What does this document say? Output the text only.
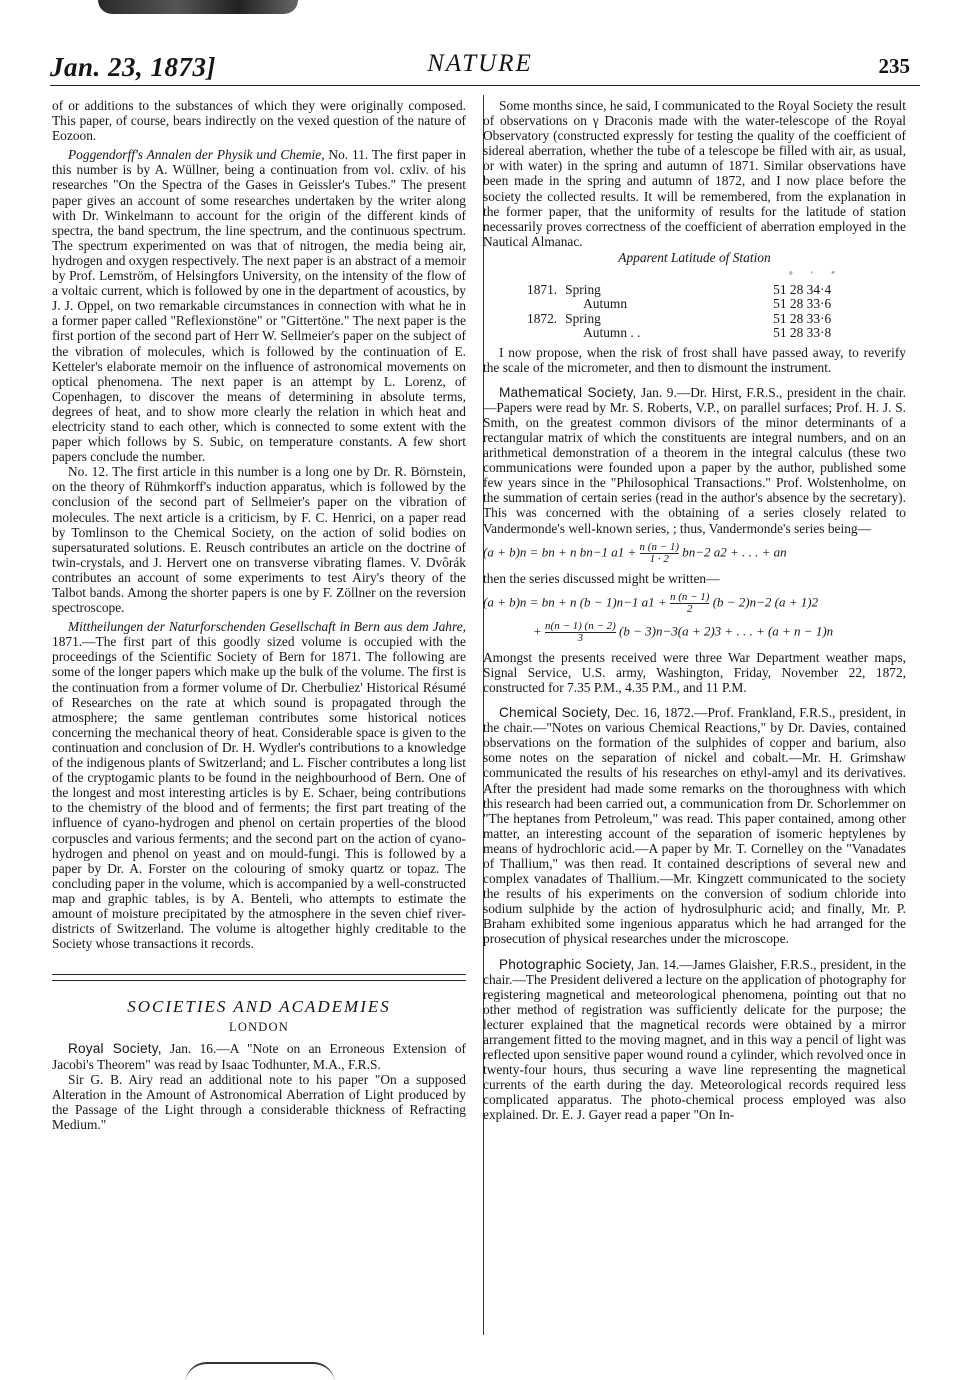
Jan. 23, 1873]	NATURE	235

of or additions to the substances of which they were originally composed. This paper, of course, bears indirectly on the vexed question of the nature of Eozoon.

Poggendorff's Annalen der Physik und Chemie, No. 11. The first paper in this number is by A. Wüllner, being a continuation from vol. cxliv. of his researches "On the Spectra of the Gases in Geissler's Tubes." The present paper gives an account of some researches undertaken by the writer along with Dr. Winkelmann to account for the origin of the different kinds of spectra, the band spectrum, the line spectrum, and the continuous spectrum. The spectrum experimented on was that of nitrogen, the media being air, hydrogen and oxygen respectively. The next paper is an abstract of a memoir by Prof. Lemström, of Helsingfors University, on the intensity of the flow of a voltaic current, which is followed by one in the department of acoustics, by J. J. Oppel, on two remarkable circumstances in connection with what he in a former paper called "Reflexionstöne" or "Gittertöne." The next paper is the first portion of the second part of Herr W. Sellmeier's paper on the subject of the vibration of molecules, which is followed by the continuation of E. Ketteler's elaborate memoir on the influence of astronomical movements on optical phenomena. The next paper is an attempt by L. Lorenz, of Copenhagen, to discover the means of determining in absolute terms, degrees of heat, and to show more clearly the relation in which heat and electricity stand to each other, which is connected to some extent with the paper which follows by S. Subic, on temperature constants. A few short papers conclude the number.

No. 12. The first article in this number is a long one by Dr. R. Börnstein, on the theory of Rühmkorff's induction apparatus, which is followed by the conclusion of the second part of Sellmeier's paper on the vibration of molecules. The next article is a criticism, by F. C. Henrici, on a paper read by Tomlinson to the Chemical Society, on the action of solid bodies on supersaturated solutions. E. Reusch contributes an article on the doctrine of twin-crystals, and J. Hervert one on transverse vibrating flames. V. Dvôrák contributes an account of some experiments to test Airy's theory of the Talbot bands. Among the shorter papers is one by F. Zöllner on the reversion spectroscope.

Mittheilungen der Naturforschenden Gesellschaft in Bern aus dem Jahre, 1871.—The first part of this goodly sized volume is occupied with the proceedings of the Scientific Society of Bern for 1871. The following are some of the longer papers which make up the bulk of the volume. The first is the continuation from a former volume of Dr. Cherbuliez' Historical Résumé of Researches on the rate at which sound is propagated through the atmosphere; the same gentleman contributes some historical notices concerning the mechanical theory of heat. Considerable space is given to the continuation and conclusion of Dr. H. Wydler's contributions to a knowledge of the indigenous plants of Switzerland; and L. Fischer contributes a long list of the cryptogamic plants to be found in the neighbourhood of Bern. One of the longest and most interesting articles is by E. Schaer, being contributions to the chemistry of the blood and of ferments; the first part treating of the influence of cyano-hydrogen and phenol on certain properties of the blood corpuscles and various ferments; and the second part on the action of cyano-hydrogen and phenol on yeast and on mould-fungi. This is followed by a paper by Dr. A. Forster on the colouring of smoky quartz or topaz. The concluding paper in the volume, which is accompanied by a well-constructed map and graphic tables, is by A. Benteli, who attempts to estimate the amount of moisture precipitated by the atmosphere in the seven chief river-districts of Switzerland. The volume is altogether highly creditable to the Society whose transactions it records.

SOCIETIES AND ACADEMIES
LONDON

Royal Society, Jan. 16.—A "Note on an Erroneous Extension of Jacobi's Theorem" was read by Isaac Todhunter, M.A., F.R.S.

Sir G. B. Airy read an additional note to his paper "On a supposed Alteration in the Amount of Astronomical Aberration of Light produced by the Passage of the Light through a considerable thickness of Refracting Medium."

Some months since, he said, I communicated to the Royal Society the result of observations on γ Draconis made with the water-telescope of the Royal Observatory (constructed expressly for testing the quality of the coefficient of sidereal aberration, whether the tube of a telescope be filled with air, as usual, or with water) in the spring and autumn of 1871. Similar observations have been made in the spring and autumn of 1872, and I now place before the society the collected results. It will be remembered, from the explanation in the former paper, that the uniformity of results for the latitude of station necessarily proves correctness of the coefficient of aberration employed in the Nautical Almanac.

Apparent Latitude of Station
		° ′ ″
1871.	Spring	51 28 34·4
	Autumn	51 28 33·6
1872.	Spring	51 28 33·6
	Autumn . .	51 28 33·8

I now propose, when the risk of frost shall have passed away, to reverify the scale of the micrometer, and then to dismount the instrument.

Mathematical Society, Jan. 9.—Dr. Hirst, F.R.S., president in the chair.—Papers were read by Mr. S. Roberts, V.P., on parallel surfaces; Prof. H. J. S. Smith, on the greatest common divisors of the minor determinants of a rectangular matrix of which the constituents are integral numbers, and on an arithmetical demonstration of a theorem in the integral calculus (these two communications were founded upon a paper by the author, published some few years since in the "Philosophical Transactions." Prof. Wolstenholme, on the summation of certain series (read in the author's absence by the secretary). This was concerned with the obtaining of a series closely related to Vandermonde's well-known series, ; thus, Vandermonde's series being—

(a + b)n = bn + n bn−1 $a1 + \frac{n (n - 1)}{1 \cdot 2} bn-2$ a2 + . . . + an

then the series discussed might be written—

(a + b)n = bn + n (b − 1)n−1 $a1 + \frac{n (n - 1)}{2} (b - 2)n-2$ (a + 1)2
+ $\frac{n(n - 1) (n - 2)}{3} (b - 3)n-3(a + 2)3$ + . . . + (a + n − 1)n

Amongst the presents received were three War Department weather maps, Signal Service, U.S. army, Washington, Friday, November 22, 1872, constructed for 7.35 P.M., 4.35 P.M., and 11 P.M.

Chemical Society, Dec. 16, 1872.—Prof. Frankland, F.R.S., president, in the chair.—"Notes on various Chemical Reactions," by Dr. Davies, contained observations on the formation of the sulphides of copper and barium, also some notes on the separation of nickel and cobalt.—Mr. H. Grimshaw communicated the results of his researches on ethyl-amyl and its derivatives. After the president had made some remarks on the thoroughness with which this research had been carried out, a communication from Dr. Schorlemmer on "The heptanes from Petroleum," was read. This paper contained, among other matter, an interesting account of the separation of isomeric heptylenes by means of hydrochloric acid.—A paper by Mr. T. Cornelley on the "Vanadates of Thallium," was then read. It contained descriptions of several new and complex vanadates of Thallium.—Mr. Kingzett communicated to the society the results of his experiments on the conversion of sodium chloride into sodium sulphide by the action of hydrosulphuric acid; and finally, Mr. P. Braham exhibited some ingenious apparatus which he had arranged for the prosecution of physical researches under the microscope.

Photographic Society, Jan. 14.—James Glaisher, F.R.S., president, in the chair.—The President delivered a lecture on the application of photography for registering magnetical and meteorological phenomena, pointing out that no other method of registration was sufficiently delicate for the purpose; the lecturer explained that the magnetical records were obtained by a mirror arrangement fitted to the moving magnet, and in this way a pencil of light was reflected upon sensitive paper wound round a cylinder, which revolved once in twenty-four hours, thus securing a wave line representing the magnetical currents of the earth during the day. Meteorological records required less complicated apparatus. The photo-chemical process employed was also explained. Dr. E. J. Gayer read a paper "On In-
